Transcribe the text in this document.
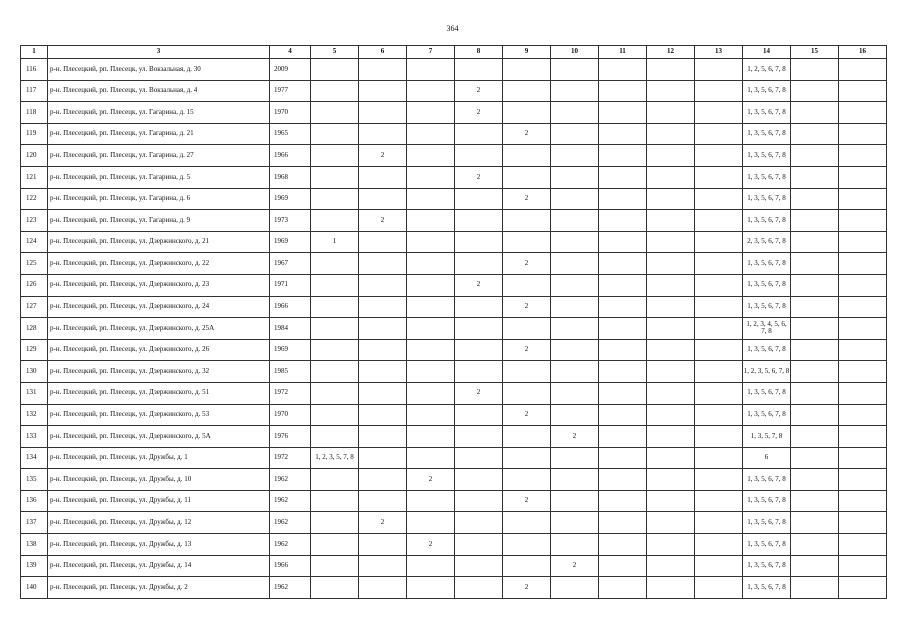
364
1	3	4	5	6	7	8	9	10	11	12	13	14	15	16
116	р-н. Плесецкий, рп. Плесецк, ул. Вокзальная, д. 30	2009										1, 2, 5, 6, 7, 8		
117	р-н. Плесецкий, рп. Плесецк, ул. Вокзальная, д. 4	1977				2						1, 3, 5, 6, 7, 8		
118	р-н. Плесецкий, рп. Плесецк, ул. Гагарина, д. 15	1970				2						1, 3, 5, 6, 7, 8		
119	р-н. Плесецкий, рп. Плесецк, ул. Гагарина, д. 21	1965					2					1, 3, 5, 6, 7, 8		
120	р-н. Плесецкий, рп. Плесецк, ул. Гагарина, д. 27	1966		2								1, 3, 5, 6, 7, 8		
121	р-н. Плесецкий, рп. Плесецк, ул. Гагарина, д. 5	1968				2						1, 3, 5, 6, 7, 8		
122	р-н. Плесецкий, рп. Плесецк, ул. Гагарина, д. 6	1969					2					1, 3, 5, 6, 7, 8		
123	р-н. Плесецкий, рп. Плесецк, ул. Гагарина, д. 9	1973		2								1, 3, 5, 6, 7, 8		
124	р-н. Плесецкий, рп. Плесецк, ул. Дзержинского, д. 21	1969	1									2, 3, 5, 6, 7, 8		
125	р-н. Плесецкий, рп. Плесецк, ул. Дзержинского, д. 22	1967					2					1, 3, 5, 6, 7, 8		
126	р-н. Плесецкий, рп. Плесецк, ул. Дзержинского, д. 23	1971				2						1, 3, 5, 6, 7, 8		
127	р-н. Плесецкий, рп. Плесецк, ул. Дзержинского, д. 24	1966					2					1, 3, 5, 6, 7, 8		
128	р-н. Плесецкий, рп. Плесецк, ул. Дзержинского, д. 25А	1984										1, 2, 3, 4, 5, 6, 7, 8		
129	р-н. Плесецкий, рп. Плесецк, ул. Дзержинского, д. 26	1969					2					1, 3, 5, 6, 7, 8		
130	р-н. Плесецкий, рп. Плесецк, ул. Дзержинского, д. 32	1985										1, 2, 3, 5, 6, 7, 8		
131	р-н. Плесецкий, рп. Плесецк, ул. Дзержинского, д. 51	1972				2						1, 3, 5, 6, 7, 8		
132	р-н. Плесецкий, рп. Плесецк, ул. Дзержинского, д. 53	1970					2					1, 3, 5, 6, 7, 8		
133	р-н. Плесецкий, рп. Плесецк, ул. Дзержинского, д. 5А	1976						2				1, 3, 5, 7, 8		
134	р-н. Плесецкий, рп. Плесецк, ул. Дружбы, д. 1	1972	1, 2, 3, 5, 7, 8									6		
135	р-н. Плесецкий, рп. Плесецк, ул. Дружбы, д. 10	1962			2							1, 3, 5, 6, 7, 8		
136	р-н. Плесецкий, рп. Плесецк, ул. Дружбы, д. 11	1962					2					1, 3, 5, 6, 7, 8		
137	р-н. Плесецкий, рп. Плесецк, ул. Дружбы, д. 12	1962		2								1, 3, 5, 6, 7, 8		
138	р-н. Плесецкий, рп. Плесецк, ул. Дружбы, д. 13	1962			2							1, 3, 5, 6, 7, 8		
139	р-н. Плесецкий, рп. Плесецк, ул. Дружбы, д. 14	1966						2				1, 3, 5, 6, 7, 8		
140	р-н. Плесецкий, рп. Плесецк, ул. Дружбы, д. 2	1962					2					1, 3, 5, 6, 7, 8		
